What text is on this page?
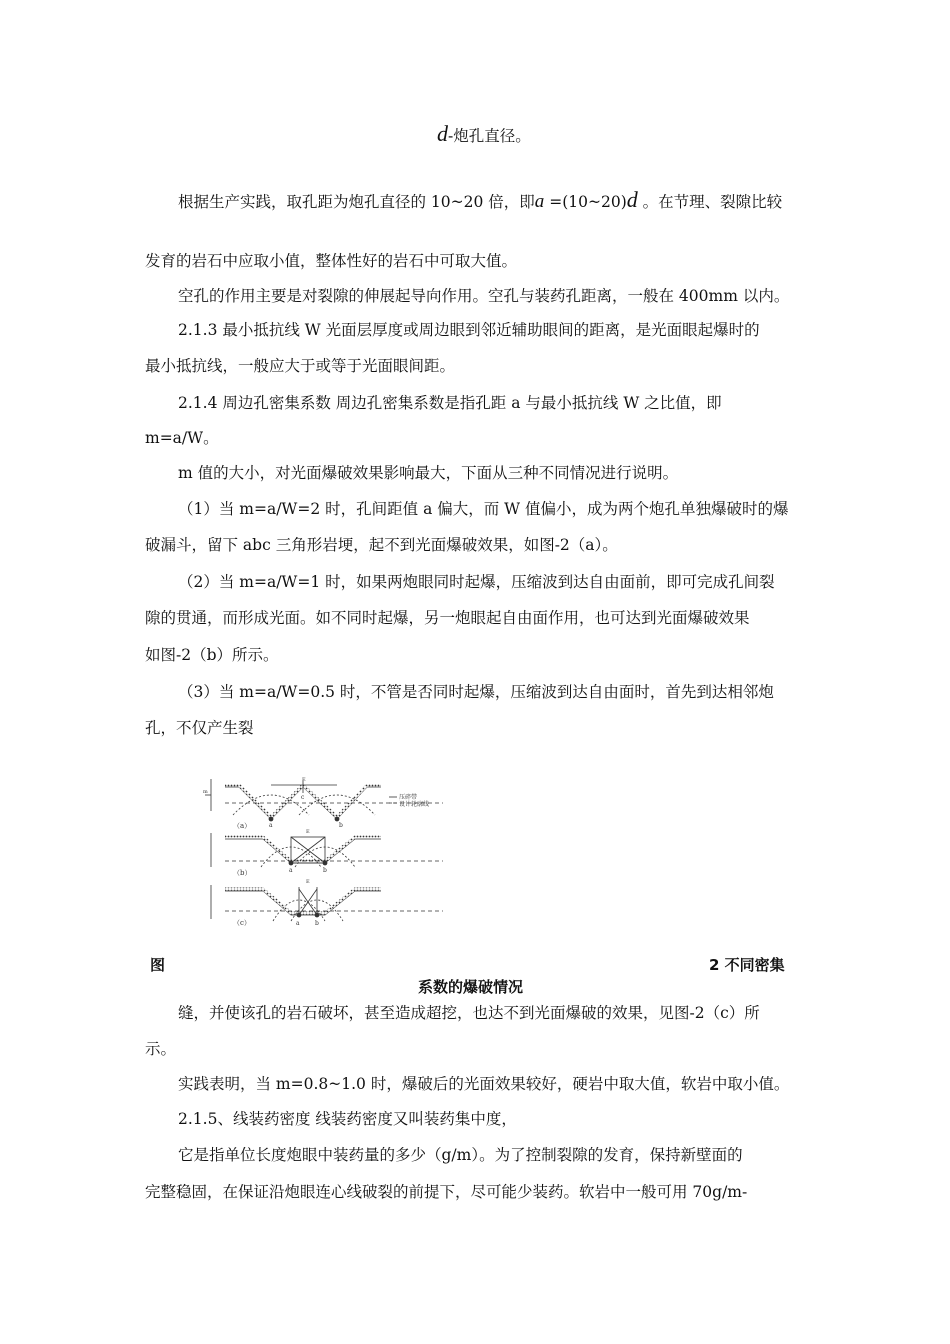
d-炮孔直径。
根据生产实践，取孔距为炮孔直径的 10~20 倍，即a =(10~20)d 。在节理、裂隙比较
发育的岩石中应取小值，整体性好的岩石中可取大值。
空孔的作用主要是对裂隙的伸展起导向作用。空孔与装药孔距离，一般在 400mm 以内。
2.1.3 最小抵抗线 W 光面层厚度或周边眼到邻近辅助眼间的距离，是光面眼起爆时的
最小抵抗线，一般应大于或等于光面眼间距。
2.1.4 周边孔密集系数 周边孔密集系数是指孔距 a 与最小抵抗线 W 之比值，即
m=a/W。
m 值的大小，对光面爆破效果影响最大，下面从三种不同情况进行说明。
（1）当 m=a/W=2 时，孔间距值 a 偏大，而 W 值偏小，成为两个炮孔单独爆破时的爆
破漏斗，留下 abc 三角形岩埂，起不到光面爆破效果，如图-2（a）。
（2）当 m=a/W=1 时，如果两炮眼同时起爆，压缩波到达自由面前，即可完成孔间裂
隙的贯通，而形成光面。如不同时起爆，另一炮眼起自由面作用，也可达到光面爆破效果
如图-2（b）所示。
（3）当 m=a/W=0.5 时，不管是否同时起爆，压缩波到达自由面时，首先到达相邻炮
孔，不仅产生裂
（a）	a	b
c
E
m
压碎带
设计轮廓线
（b）	a	b
E
（c）	a	b
E
图	2 不同密集
系数的爆破情况
缝，并使该孔的岩石破坏，甚至造成超挖，也达不到光面爆破的效果，见图-2（c）所
示。
实践表明，当 m=0.8~1.0 时，爆破后的光面效果较好，硬岩中取大值，软岩中取小值。
2.1.5、线装药密度 线装药密度又叫装药集中度，
它是指单位长度炮眼中装药量的多少（g/m）。为了控制裂隙的发育，保持新壁面的
完整稳固，在保证沿炮眼连心线破裂的前提下，尽可能少装药。软岩中一般可用 70g/m-
